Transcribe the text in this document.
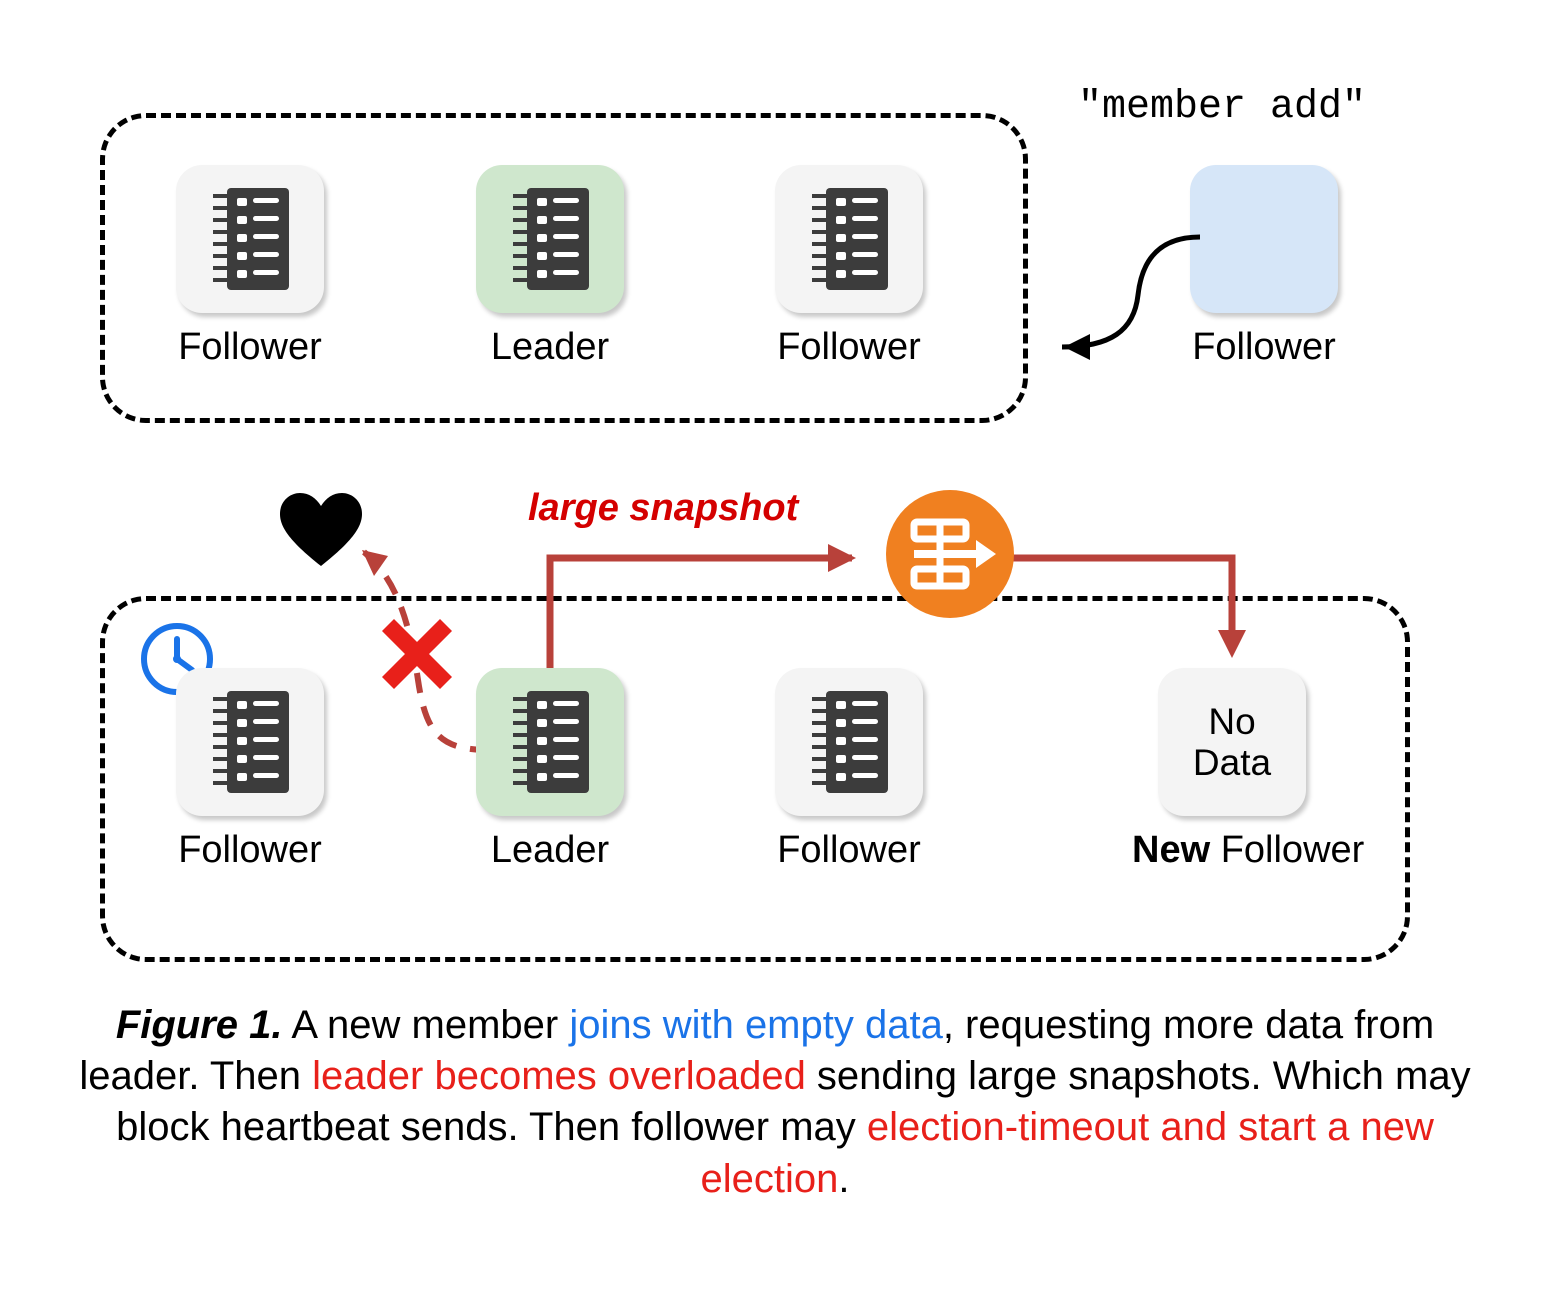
Follower	Leader	Follower
"member add"
Follower
large snapshot
Follower	Leader	Follower
No
Data
New Follower
Figure 1. A new member joins with empty data, requesting more data from leader. Then leader becomes overloaded sending large snapshots. Which may block heartbeat sends. Then follower may election-timeout and start a new election.
